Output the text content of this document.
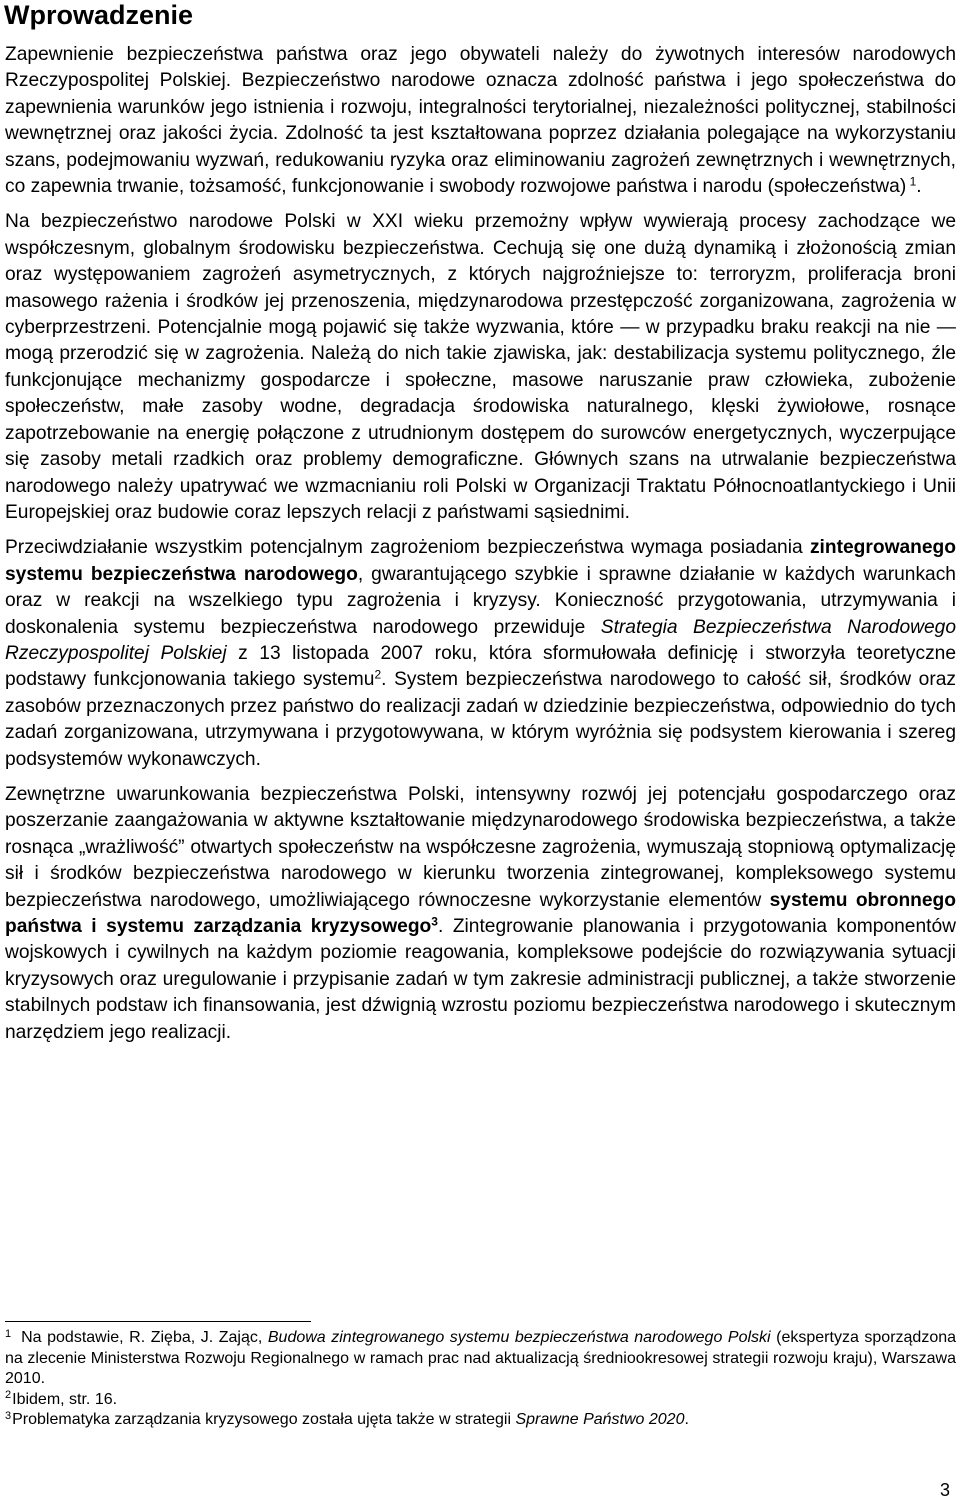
Wprowadzenie

Zapewnienie bezpieczeństwa państwa oraz jego obywateli należy do żywotnych interesów narodowych Rzeczypospolitej Polskiej. Bezpieczeństwo narodowe oznacza zdolność państwa i jego społeczeństwa do zapewnienia warunków jego istnienia i rozwoju, integralności terytorialnej, niezależności politycznej, stabilności wewnętrznej oraz jakości życia. Zdolność ta jest kształtowana poprzez działania polegające na wykorzystaniu szans, podejmowaniu wyzwań, redukowaniu ryzyka oraz eliminowaniu zagrożeń zewnętrznych i wewnętrznych, co zapewnia trwanie, tożsamość, funkcjonowanie i swobody rozwojowe państwa i narodu (społeczeństwa) $^1$.

Na bezpieczeństwo narodowe Polski w XXI wieku przemożny wpływ wywierają procesy zachodzące we współczesnym, globalnym środowisku bezpieczeństwa. Cechują się one dużą dynamiką i złożonością zmian oraz występowaniem zagrożeń asymetrycznych, z których najgroźniejsze to: terroryzm, proliferacja broni masowego rażenia i środków jej przenoszenia, międzynarodowa przestępczość zorganizowana, zagrożenia w cyberprzestrzeni. Potencjalnie mogą pojawić się także wyzwania, które — w przypadku braku reakcji na nie — mogą przerodzić się w zagrożenia. Należą do nich takie zjawiska, jak: destabilizacja systemu politycznego, źle funkcjonujące mechanizmy gospodarcze i społeczne, masowe naruszanie praw człowieka, zubożenie społeczeństw, małe zasoby wodne, degradacja środowiska naturalnego, klęski żywiołowe, rosnące zapotrzebowanie na energię połączone z utrudnionym dostępem do surowców energetycznych, wyczerpujące się zasoby metali rzadkich oraz problemy demograficzne. Głównych szans na utrwalanie bezpieczeństwa narodowego należy upatrywać we wzmacnianiu roli Polski w Organizacji Traktatu Północnoatlantyckiego i Unii Europejskiej oraz budowie coraz lepszych relacji z państwami sąsiednimi.

Przeciwdziałanie wszystkim potencjalnym zagrożeniom bezpieczeństwa wymaga posiadania zintegrowanego systemu bezpieczeństwa narodowego, gwarantującego szybkie i sprawne działanie w każdych warunkach oraz w reakcji na wszelkiego typu zagrożenia i kryzysy. Konieczność przygotowania, utrzymywania i doskonalenia systemu bezpieczeństwa narodowego przewiduje Strategia Bezpieczeństwa Narodowego Rzeczypospolitej Polskiej z 13 listopada 2007 roku, która sformułowała definicję i stworzyła teoretyczne podstawy funkcjonowania takiego systemu$^2$. System bezpieczeństwa narodowego to całość sił, środków oraz zasobów przeznaczonych przez państwo do realizacji zadań w dziedzinie bezpieczeństwa, odpowiednio do tych zadań zorganizowana, utrzymywana i przygotowywana, w którym wyróżnia się podsystem kierowania i szereg podsystemów wykonawczych.

Zewnętrzne uwarunkowania bezpieczeństwa Polski, intensywny rozwój jej potencjału gospodarczego oraz poszerzanie zaangażowania w aktywne kształtowanie międzynarodowego środowiska bezpieczeństwa, a także rosnąca „wrażliwość” otwartych społeczeństw na współczesne zagrożenia, wymuszają stopniową optymalizację sił i środków bezpieczeństwa narodowego w kierunku tworzenia zintegrowanej, kompleksowego systemu bezpieczeństwa narodowego, umożliwiającego równoczesne wykorzystanie elementów systemu obronnego państwa i systemu zarządzania kryzysowego$^3$. Zintegrowanie planowania i przygotowania komponentów wojskowych i cywilnych na każdym poziomie reagowania, kompleksowe podejście do rozwiązywania sytuacji kryzysowych oraz uregulowanie i przypisanie zadań w tym zakresie administracji publicznej, a także stworzenie stabilnych podstaw ich finansowania, jest dźwignią wzrostu poziomu bezpieczeństwa narodowego i skutecznym narzędziem jego realizacji.

$^1$ Na podstawie, R. Zięba, J. Zając, Budowa zintegrowanego systemu bezpieczeństwa narodowego Polski (ekspertyza sporządzona na zlecenie Ministerstwa Rozwoju Regionalnego w ramach prac nad aktualizacją średniookresowej strategii rozwoju kraju), Warszawa 2010.

$^2$Ibidem, str. 16.

$^3$Problematyka zarządzania kryzysowego została ujęta także w strategii Sprawne Państwo 2020.

3
